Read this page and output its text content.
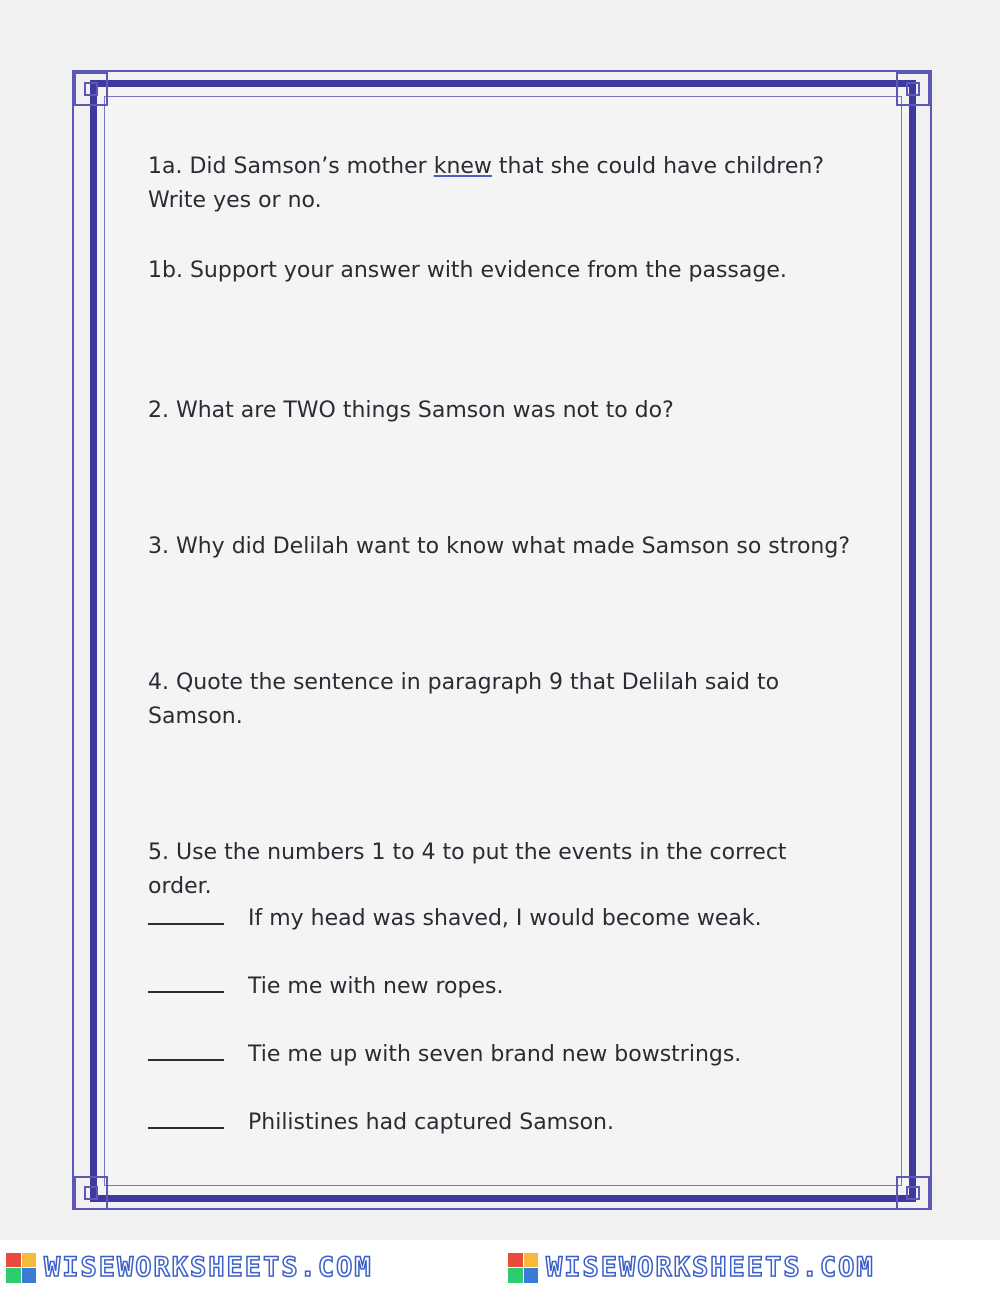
1a. Did Samson’s mother knew that she could have children?
Write yes or no.
1b. Support your answer with evidence from the passage.
2. What are TWO things Samson was not to do?
3. Why did Delilah want to know what made Samson so strong?
4. Quote the sentence in paragraph 9 that Delilah said to
Samson.
5. Use the numbers 1 to 4 to put the events in the correct
order.
If my head was shaved, I would become weak.
Tie me with new ropes.
Tie me up with seven brand new bowstrings.
Philistines had captured Samson.
WISEWORKSHEETS.COM	WISEWORKSHEETS.COM
